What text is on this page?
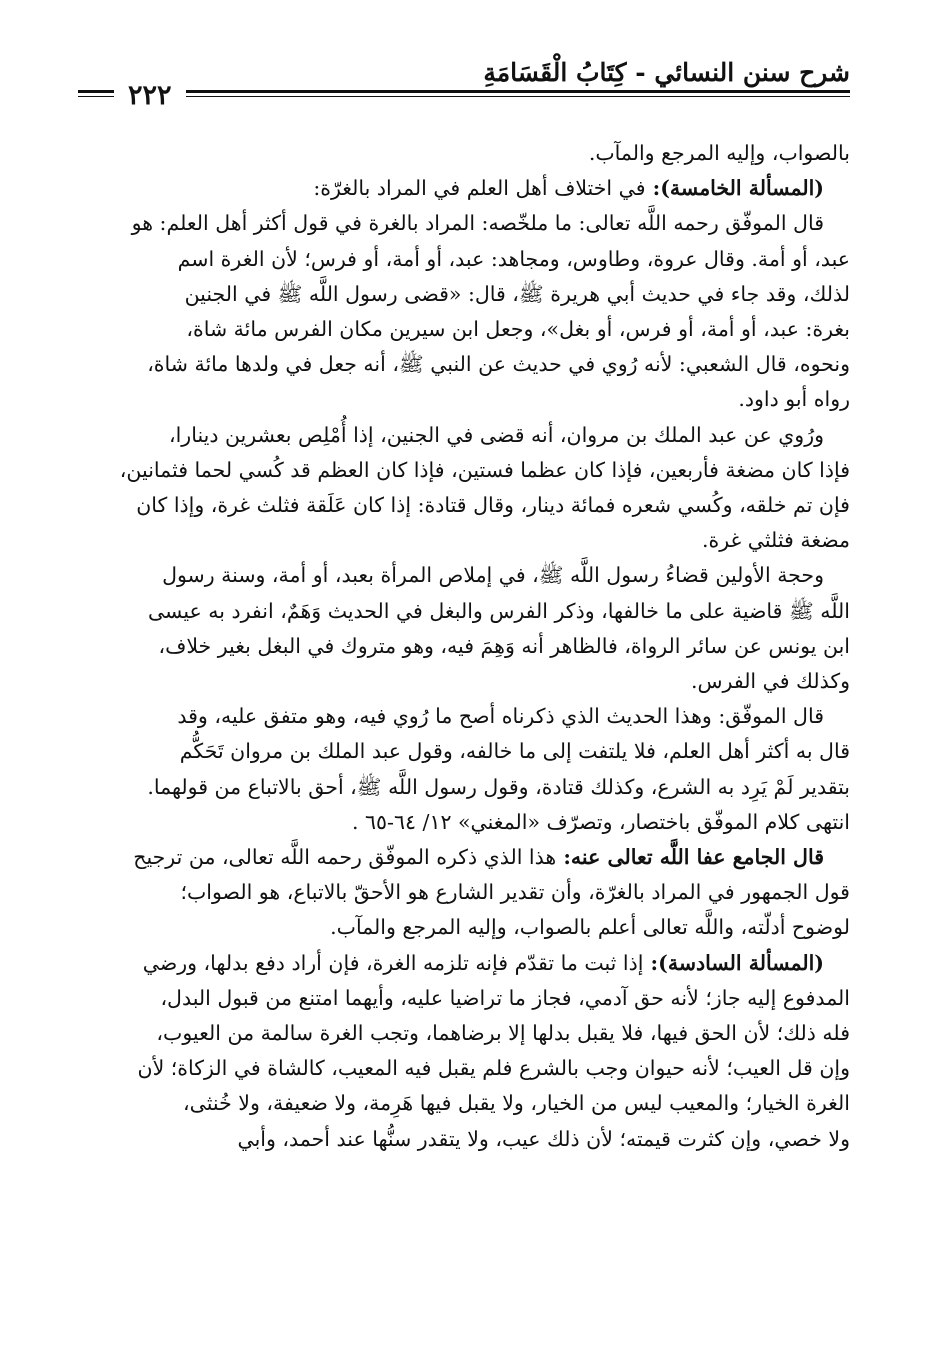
شرح سنن النسائي - كِتَابُ الْقَسَامَةِ
٢٢٢

بالصواب، وإليه المرجع والمآب.

(المسألة الخامسة): في اختلاف أهل العلم في المراد بالغرّة:

قال الموفّق رحمه اللَّه تعالى: ما ملخّصه: المراد بالغرة في قول أكثر أهل العلم: هو
عبد، أو أمة. وقال عروة، وطاوس، ومجاهد: عبد، أو أمة، أو فرس؛ لأن الغرة اسم
لذلك، وقد جاء في حديث أبي هريرة ﷺ، قال: «قضى رسول اللَّه ﷺ في الجنين
بغرة: عبد، أو أمة، أو فرس، أو بغل»، وجعل ابن سيرين مكان الفرس مائة شاة،
ونحوه، قال الشعبي: لأنه رُوي في حديث عن النبي ﷺ، أنه جعل في ولدها مائة شاة،
رواه أبو داود.

ورُوي عن عبد الملك بن مروان، أنه قضى في الجنين، إذا أُمْلِص بعشرين دينارا،
فإذا كان مضغة فأربعين، فإذا كان عظما فستين، فإذا كان العظم قد كُسي لحما فثمانين،
فإن تم خلقه، وكُسي شعره فمائة دينار، وقال قتادة: إذا كان عَلَقة فثلث غرة، وإذا كان
مضغة فثلثي غرة.

وحجة الأولين قضاءُ رسول اللَّه ﷺ، في إملاص المرأة بعبد، أو أمة، وسنة رسول
اللَّه ﷺ قاضية على ما خالفها، وذكر الفرس والبغل في الحديث وَهَمٌ، انفرد به عيسى
ابن يونس عن سائر الرواة، فالظاهر أنه وَهِمَ فيه، وهو متروك في البغل بغير خلاف،
وكذلك في الفرس.

قال الموفّق: وهذا الحديث الذي ذكرناه أصح ما رُوي فيه، وهو متفق عليه، وقد
قال به أكثر أهل العلم، فلا يلتفت إلى ما خالفه، وقول عبد الملك بن مروان تَحَكُّم
بتقدير لَمْ يَرِد به الشرع، وكذلك قتادة، وقول رسول اللَّه ﷺ، أحق بالاتباع من قولهما.
انتهى كلام الموفّق باختصار، وتصرّف «المغني» ١٢/ ٦٤-٦٥ .

قال الجامع عفا اللَّه تعالى عنه: هذا الذي ذكره الموفّق رحمه اللَّه تعالى، من ترجيح
قول الجمهور في المراد بالغرّة، وأن تقدير الشارع هو الأحقّ بالاتباع، هو الصواب؛
لوضوح أدلّته، واللَّه تعالى أعلم بالصواب، وإليه المرجع والمآب.

(المسألة السادسة): إذا ثبت ما تقدّم فإنه تلزمه الغرة، فإن أراد دفع بدلها، ورضي
المدفوع إليه جاز؛ لأنه حق آدمي، فجاز ما تراضيا عليه، وأيهما امتنع من قبول البدل،
فله ذلك؛ لأن الحق فيها، فلا يقبل بدلها إلا برضاهما، وتجب الغرة سالمة من العيوب،
وإن قل العيب؛ لأنه حيوان وجب بالشرع فلم يقبل فيه المعيب، كالشاة في الزكاة؛ لأن
الغرة الخيار؛ والمعيب ليس من الخيار، ولا يقبل فيها هَرِمة، ولا ضعيفة، ولا خُنثى،
ولا خصي، وإن كثرت قيمته؛ لأن ذلك عيب، ولا يتقدر سنُّها عند أحمد، وأبي
